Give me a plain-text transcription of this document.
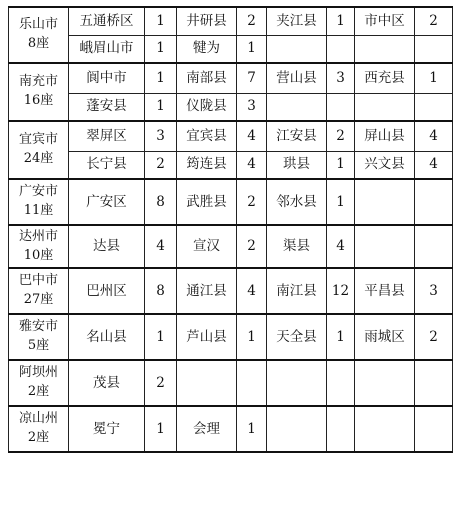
乐山市
8座	五通桥区	1	井研县	2	夹江县	1	市中区	2
	峨眉山市	1	犍为	1				

南充市
16座	阆中市	1	南部县	7	营山县	3	西充县	1
	蓬安县	1	仪陇县	3				

宜宾市
24座	翠屏区	3	宜宾县	4	江安县	2	屏山县	4
	长宁县	2	筠连县	4	珙县	1	兴文县	4

广安市
11座	广安区	8	武胜县	2	邻水县	1		

达州市
10座	达县	4	宣汉	2	渠县	4		

巴中市
27座	巴州区	8	通江县	4	南江县	12	平昌县	3

雅安市
5座	名山县	1	芦山县	1	天全县	1	雨城区	2

阿坝州
2座	茂县	2						

凉山州
2座	冕宁	1	会理	1				
